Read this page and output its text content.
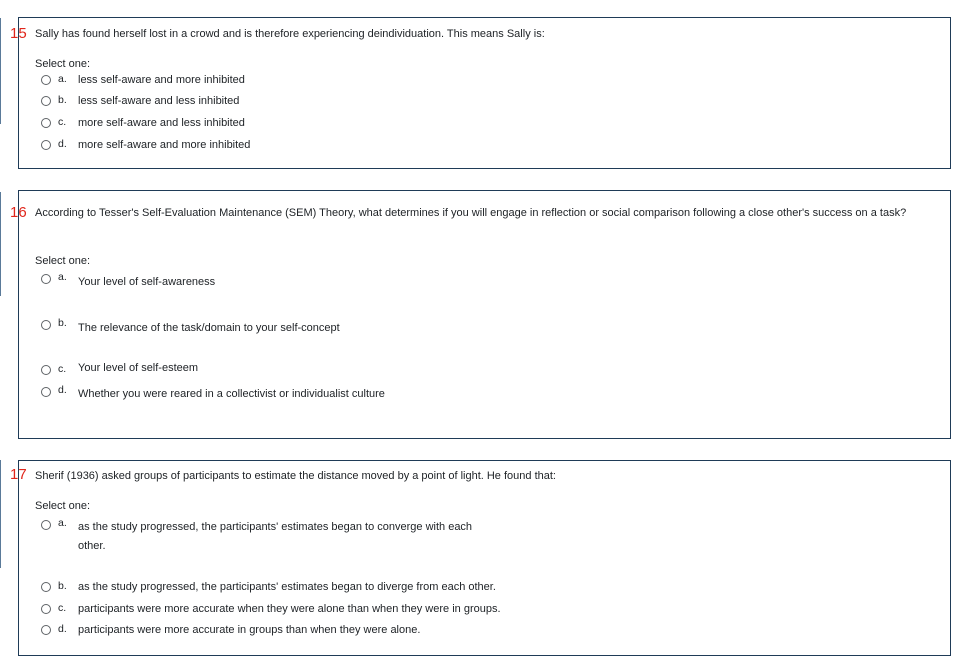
15 Sally has found herself lost in a crowd and is therefore experiencing deindividuation. This means Sally is:
Select one:
a. less self-aware and more inhibited
b. less self-aware and less inhibited
c. more self-aware and less inhibited
d. more self-aware and more inhibited
16 According to Tesser's Self-Evaluation Maintenance (SEM) Theory, what determines if you will engage in reflection or social comparison following a close other's success on a task?
Select one:
a. Your level of self-awareness
b. The relevance of the task/domain to your self-concept
c. Your level of self-esteem
d. Whether you were reared in a collectivist or individualist culture
17 Sherif (1936) asked groups of participants to estimate the distance moved by a point of light. He found that:
Select one:
a. as the study progressed, the participants' estimates began to converge with each
other.
b. as the study progressed, the participants' estimates began to diverge from each other.
c. participants were more accurate when they were alone than when they were in groups.
d. participants were more accurate in groups than when they were alone.
